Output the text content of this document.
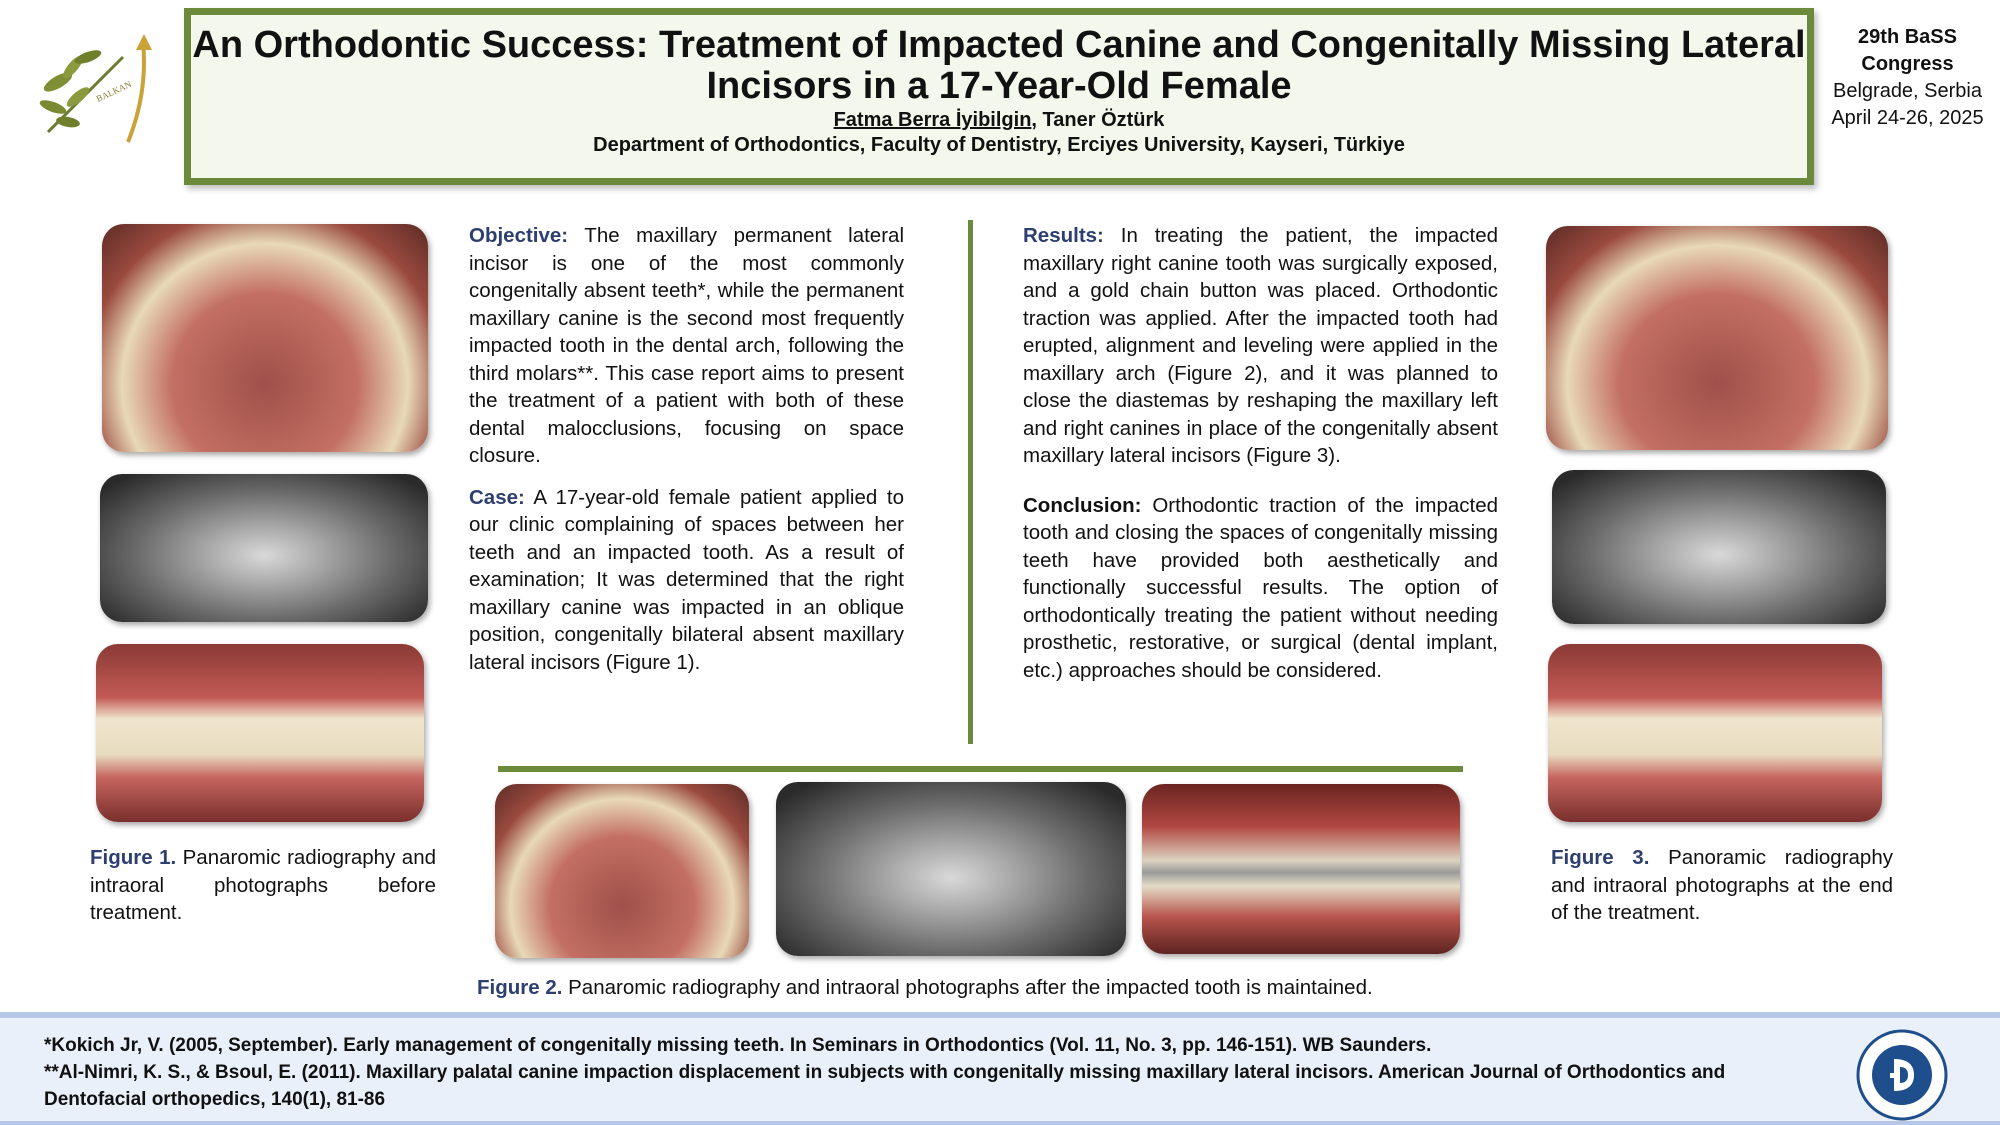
BALKAN
An Orthodontic Success: Treatment of Impacted Canine and Congenitally Missing Lateral Incisors in a 17-Year-Old Female
Fatma Berra İyibilgin, Taner Öztürk
Department of Orthodontics, Faculty of Dentistry, Erciyes University, Kayseri, Türkiye
29th BaSS
Congress
Belgrade, Serbia
April 24-26, 2025
Figure 1. Panaromic radiography and intraoral photographs before treatment.

Objective: The maxillary permanent lateral incisor is one of the most commonly congenitally absent teeth*, while the permanent maxillary canine is the second most frequently impacted tooth in the dental arch, following the third molars**. This case report aims to present the treatment of a patient with both of these dental malocclusions, focusing on space closure.

Case: A 17-year-old female patient applied to our clinic complaining of spaces between her teeth and an impacted tooth. As a result of examination; It was determined that the right maxillary canine was impacted in an oblique position, congenitally bilateral absent maxillary lateral incisors (Figure 1).

Results: In treating the patient, the impacted maxillary right canine tooth was surgically exposed, and a gold chain button was placed. Orthodontic traction was applied. After the impacted tooth had erupted, alignment and leveling were applied in the maxillary arch (Figure 2), and it was planned to close the diastemas by reshaping the maxillary left and right canines in place of the congenitally absent maxillary lateral incisors (Figure 3).

Conclusion: Orthodontic traction of the impacted tooth and closing the spaces of congenitally missing teeth have provided both aesthetically and functionally successful results. The option of orthodontically treating the patient without needing prosthetic, restorative, or surgical (dental implant, etc.) approaches should be considered.

Figure 3. Panoramic radiography and intraoral photographs at the end of the treatment.
Figure 2. Panaromic radiography and intraoral photographs after the impacted tooth is maintained.
*Kokich Jr, V. (2005, September). Early management of congenitally missing teeth. In Seminars in Orthodontics (Vol. 11, No. 3, pp. 146-151). WB Saunders.
**Al-Nimri, K. S., & Bsoul, E. (2011). Maxillary palatal canine impaction displacement in subjects with congenitally missing maxillary lateral incisors. American Journal of Orthodontics and Dentofacial orthopedics, 140(1), 81-86
